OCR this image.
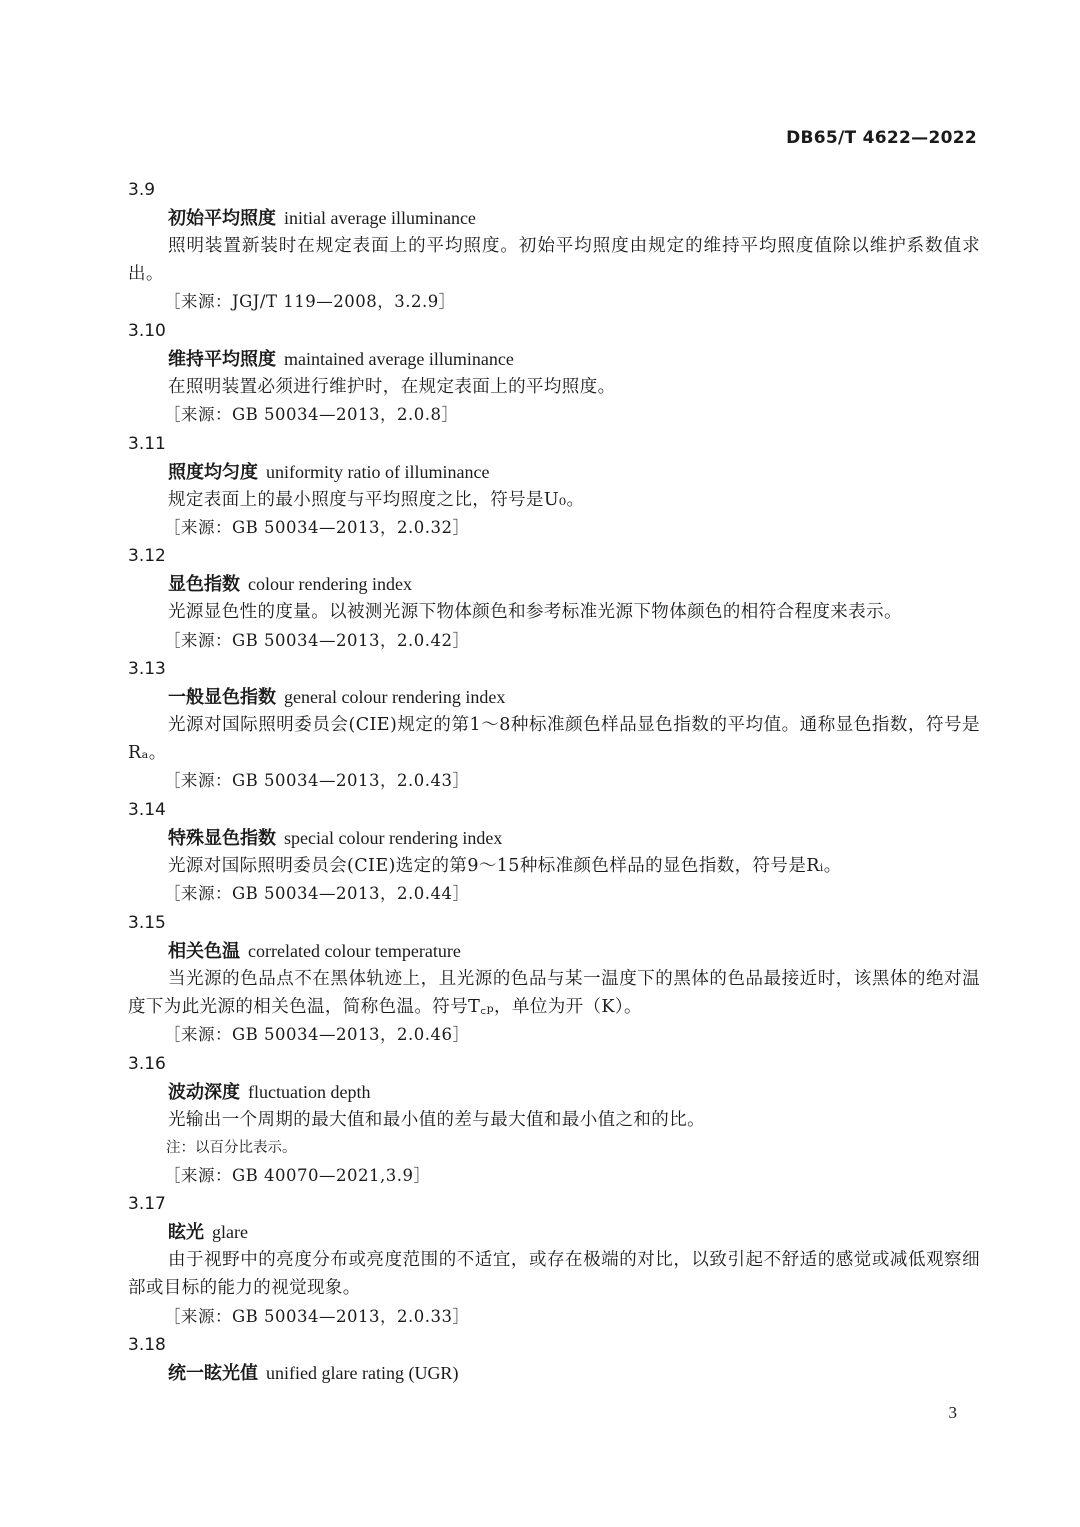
DB65/T 4622—2022
3.9
初始平均照度 initial average illuminance
照明装置新装时在规定表面上的平均照度。初始平均照度由规定的维持平均照度值除以维护系数值求出。
［来源：JGJ/T 119—2008，3.2.9］
3.10
维持平均照度 maintained average illuminance
在照明装置必须进行维护时，在规定表面上的平均照度。
［来源：GB 50034—2013，2.0.8］
3.11
照度均匀度 uniformity ratio of illuminance
规定表面上的最小照度与平均照度之比，符号是U₀。
［来源：GB 50034—2013，2.0.32］
3.12
显色指数 colour rendering index
光源显色性的度量。以被测光源下物体颜色和参考标准光源下物体颜色的相符合程度来表示。
［来源：GB 50034—2013，2.0.42］
3.13
一般显色指数 general colour rendering index
光源对国际照明委员会(CIE)规定的第1～8种标准颜色样品显色指数的平均值。通称显色指数，符号是Rₐ。
［来源：GB 50034—2013，2.0.43］
3.14
特殊显色指数 special colour rendering index
光源对国际照明委员会(CIE)选定的第9～15种标准颜色样品的显色指数，符号是Rᵢ。
［来源：GB 50034—2013，2.0.44］
3.15
相关色温 correlated colour temperature
当光源的色品点不在黑体轨迹上，且光源的色品与某一温度下的黑体的色品最接近时，该黑体的绝对温度下为此光源的相关色温，简称色温。符号T꜀ₚ，单位为开（K）。
［来源：GB 50034—2013，2.0.46］
3.16
波动深度 fluctuation depth
光输出一个周期的最大值和最小值的差与最大值和最小值之和的比。
注：以百分比表示。
［来源：GB 40070—2021,3.9］
3.17
眩光 glare
由于视野中的亮度分布或亮度范围的不适宜，或存在极端的对比，以致引起不舒适的感觉或减低观察细部或目标的能力的视觉现象。
［来源：GB 50034—2013，2.0.33］
3.18
统一眩光值 unified glare rating (UGR)
3
